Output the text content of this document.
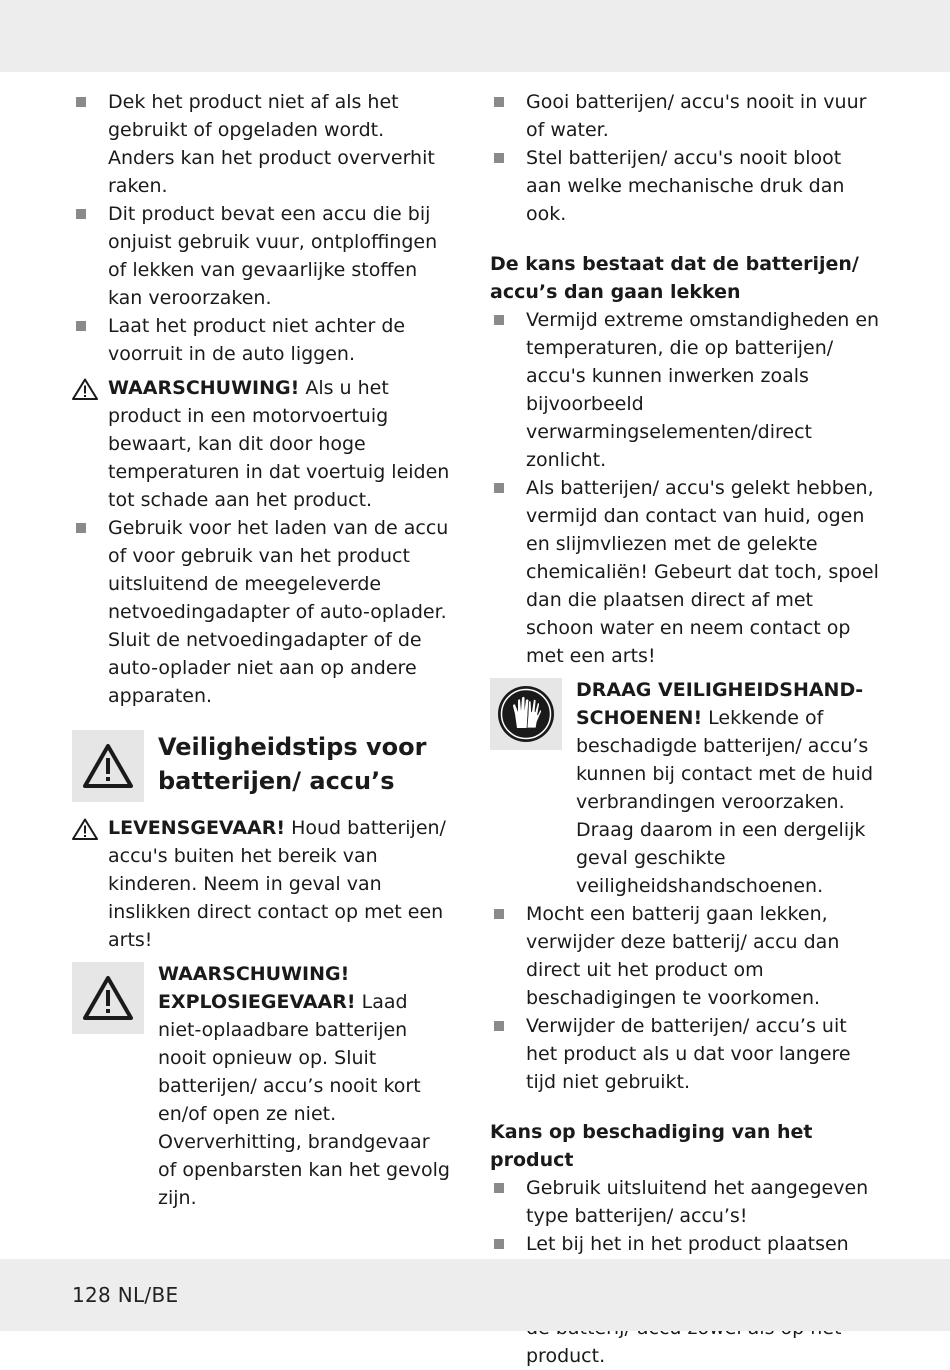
Dek het product niet af als het gebruikt of opgeladen wordt. Anders kan het product oververhit raken.
Dit product bevat een accu die bij onjuist gebruik vuur, ontploffingen of lekken van gevaarlijke stoffen kan veroorzaken.
Laat het product niet achter de voorruit in de auto liggen.
WAARSCHUWING! Als u het product in een motorvoertuig bewaart, kan dit door hoge temperaturen in dat voertuig leiden tot schade aan het product.
Gebruik voor het laden van de accu of voor gebruik van het product uitsluitend de meegeleverde netvoedingadapter of auto-oplader. Sluit de netvoedingadapter of de auto-oplader niet aan op andere apparaten.
Veiligheidstips voor batterijen/ accu’s
LEVENSGEVAAR! Houd batterijen/ accu's buiten het bereik van kinderen. Neem in geval van inslikken direct contact op met een arts!
WAARSCHUWING! EXPLOSIEGEVAAR! Laad niet-oplaadbare batterijen nooit opnieuw op. Sluit batterijen/ accu’s nooit kort en/of open ze niet. Oververhitting, brandgevaar of openbarsten kan het gevolg zijn.
Gooi batterijen/ accu's nooit in vuur of water.
Stel batterijen/ accu's nooit bloot aan welke mechanische druk dan ook.
De kans bestaat dat de batterijen/ accu’s dan gaan lekken
Vermijd extreme omstandigheden en temperaturen, die op batterijen/ accu's kunnen inwerken zoals bijvoorbeeld verwarmingselementen/direct zonlicht.
Als batterijen/ accu's gelekt hebben, vermijd dan contact van huid, ogen en slijmvliezen met de gelekte chemicaliën! Gebeurt dat toch, spoel dan die plaatsen direct af met schoon water en neem contact op met een arts!
DRAAG VEILIGHEIDSHANDSCHOENEN! Lekkende of beschadigde batterijen/ accu’s kunnen bij contact met de huid verbrandingen veroorzaken. Draag daarom in een dergelijk geval geschikte veiligheidshandschoenen.
Mocht een batterij gaan lekken, verwijder deze batterij/ accu dan direct uit het product om beschadigingen te voorkomen.
Verwijder de batterijen/ accu’s uit het product als u dat voor langere tijd niet gebruikt.
Kans op beschadiging van het product
Gebruik uitsluitend het aangegeven type batterijen/ accu’s!
Let bij het in het product plaatsen product.
128 NL/BE
